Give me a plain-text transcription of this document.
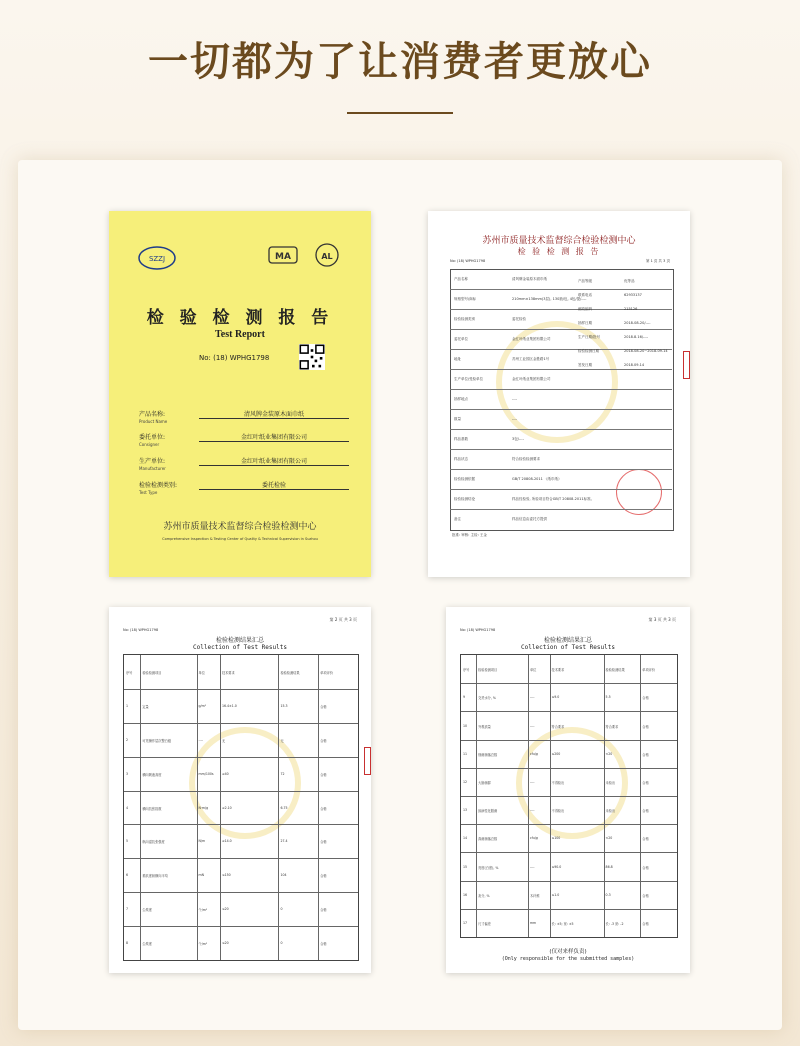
一切都为了让消费者更放心
SZZJ	MA	AL
检 验 检 测 报 告
Test Report
No: (18) WPHG1798
产品名称:
Product Name
清风牌金装原木面巾纸
委托单位:
Consigner
金红叶纸业集团有限公司
生产单位:
Manufacturer
金红叶纸业集团有限公司
检验检测类别:
Test Type
委托检验
苏州市质量技术监督综合检验检测中心
Comprehensive Inspection & Testing Center of Quality & Technical Supervision in Suzhou
苏州市质量技术监督综合检验检测中心
检 验 检 测 报 告
No: (18) WPHG1798	第 1 页 共 3 页
批准: 审核: 主检: 王金
产品名称	清风牌金装原木面巾纸
规格型号/商标	210mm×138mm(3层), 130抽/包, 4包/提/----
检验检测类别	委托检验
委托单位	金红叶纸业集团有限公司
地址	苏州工业园区金胜路1号
生产单位/受检单位	金红叶纸业集团有限公司
抽样地点	----
数量	----
样品基数	3包/----
样品状态	符合检验检测要求
检验检测依据	GB/T 20808-2011 《纸巾纸》
检验检测结论	样品经检验, 所检项目符合GB/T 20808-2011标准。
备注	样品信息由委托方提供
产品等级	优等品
联系电话	62933137
邮政编码	215126
抽样日期	2018-08-20/----
生产日期/批号	2018.8.16/----
检验检测日期	2018-08-20~2018-09-14
签发日期	2018.09.14
第 2 页 共 3 页
No: (18) WPHG1798
检验检测结果汇总
Collection of Test Results
序号	检验检测项目	单位	技术要求	检验检测结果	单项评价
1	定量	g/m²	16.4±1.0	15.3	合格
2	可见操作层次整白级	----	无	无	合格
3	横向吸液高度	mm/100s	≥40	72	合格
4	横向抗张指数	N·m/g	≥2.10	6.75	合格
5	纵向湿抗张强度	N/m	≥14.0	27.4	合格
6	柔软度纵横向平均	mN	≤150	104	合格
7	尘埃度	个/m²	≤20	0	合格
8	尘埃度	个/m²	≤20	0	合格
第 3 页 共 3 页
No: (18) WPHG1798
检验检测结果汇总
Collection of Test Results
序号	检验检测项目	单位	技术要求	检验检测结果	单项评价
9	交货水分, %	----	≤9.0	5.5	合格
10	外观质量	----	符合要求	符合要求	合格
11	细菌菌落总数	cfu/g	≤200	<20	合格
12	大肠菌群	----	不得检出	未检出	合格
13	致病性化脓菌	----	不得检出	未检出	合格
14	真菌菌落总数	cfu/g	≤100	<20	合格
15	亮度(白度), %	----	≤90.0	86.8	合格
16	灰分, %	木纤维	≤1.0	0.3	合格
17	尺寸偏差	mm	长: ±5; 宽: ±5	长: -3 宽: -2	合格
(仅对来样负责)
(Only responsible for the submitted samples)
